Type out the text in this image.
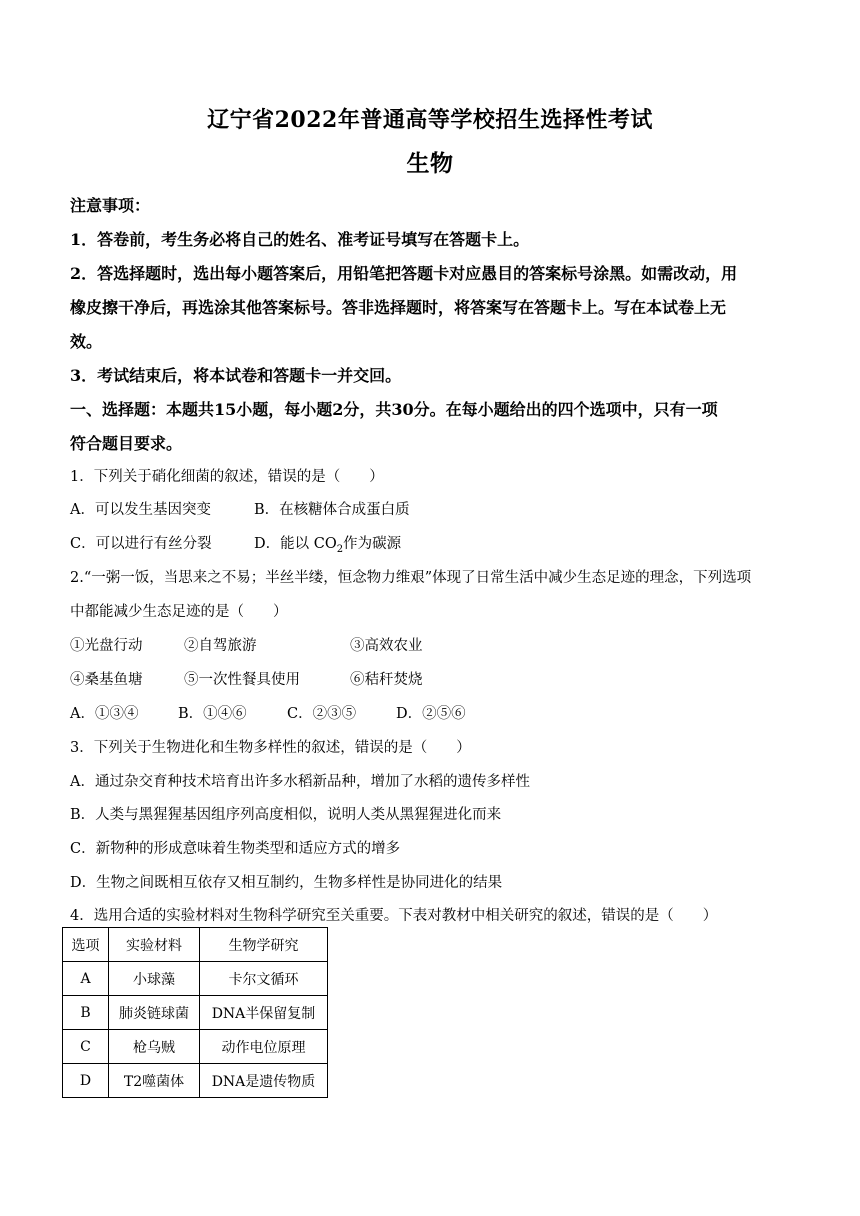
辽宁省2022年普通高等学校招生选择性考试
生物
注意事项：
1．答卷前，考生务必将自己的姓名、准考证号填写在答题卡上。
2．答选择题时，选出每小题答案后，用铅笔把答题卡对应愚目的答案标号涂黑。如需改动，用
橡皮擦干净后，再选涂其他答案标号。答非选择题时，将答案写在答题卡上。写在本试卷上无
效。
3．考试结束后，将本试卷和答题卡一并交回。
一、选择题：本题共15小题，每小题2分，共30分。在每小题给出的四个选项中，只有一项
符合题目要求。
1．下列关于硝化细菌的叙述，错误的是（　　）
A．可以发生基因突变	B．在核糖体合成蛋白质
C．可以进行有丝分裂	D．能以 $CO_2$作为碳源
2.“一粥一饭，当思来之不易；半丝半缕，恒念物力维艰”体现了日常生活中减少生态足迹的理念，下列选项
中都能减少生态足迹的是（　　）
①光盘行动	②自驾旅游	③高效农业
④桑基鱼塘	⑤一次性餐具使用	⑥秸秆焚烧
A．①③④	B．①④⑥	C．②③⑤	D．②⑤⑥
3．下列关于生物进化和生物多样性的叙述，错误的是（　　）
A．通过杂交育种技术培育出许多水稻新品种，增加了水稻的遗传多样性
B．人类与黑猩猩基因组序列高度相似，说明人类从黑猩猩进化而来
C．新物种的形成意味着生物类型和适应方式的增多
D．生物之间既相互依存又相互制约，生物多样性是协同进化的结果
4．选用合适的实验材料对生物科学研究至关重要。下表对教材中相关研究的叙述，错误的是（　　）
选项	实验材料	生物学研究
A	小球藻	卡尔文循环
B	肺炎链球菌	DNA半保留复制
C	枪乌贼	动作电位原理
D	T2噬菌体	DNA是遗传物质
